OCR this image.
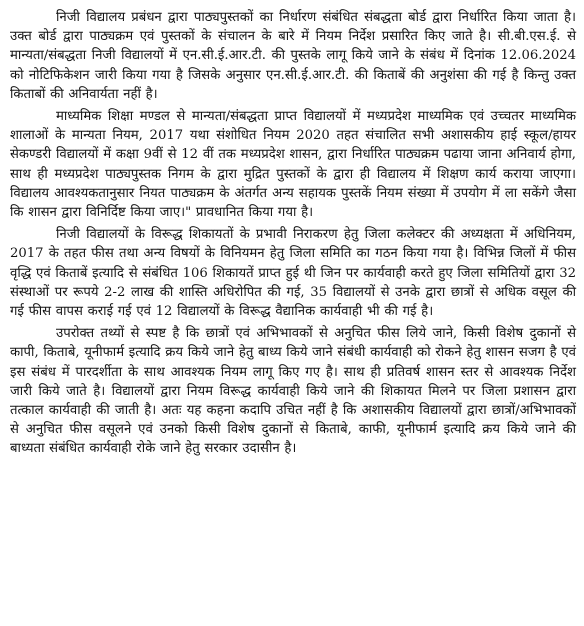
निजी विद्यालय प्रबंधन द्वारा पाठ्यपुस्तकों का निर्धारण संबंधित संबद्धता बोर्ड द्वारा निर्धारित किया जाता है। उक्त बोर्ड द्वारा पाठ्यक्रम एवं पुस्तकों के संचालन के बारे में नियम निर्देश प्रसारित किए जाते है। सी.बी.एस.ई. से मान्यता/संबद्धता निजी विद्यालयों में एन.सी.ई.आर.टी. की पुस्तके लागू किये जाने के संबंध में दिनांक 12.06.2024 को नोटिफिकेशन जारी किया गया है जिसके अनुसार एन.सी.ई.आर.टी. की किताबें की अनुशंसा की गई है किन्तु उक्त किताबों की अनिवार्यता नहीं है।

माध्यमिक शिक्षा मण्डल से मान्यता/संबद्धता प्राप्त विद्यालयों में मध्यप्रदेश माध्यमिक एवं उच्चतर माध्यमिक शालाओं के मान्यता नियम, 2017 यथा संशोधित नियम 2020 तहत संचालित सभी अशासकीय हाई स्कूल/हायर सेकण्डरी विद्यालयों में कक्षा 9वीं से 12 वीं तक मध्यप्रदेश शासन, द्वारा निर्धारित पाठ्यक्रम पढाया जाना अनिवार्य होगा, साथ ही मध्यप्रदेश पाठ्यपुस्तक निगम के द्वारा मुद्रित पुस्तकों के द्वारा ही विद्यालय में शिक्षण कार्य कराया जाएगा। विद्यालय आवश्यकतानुसार नियत पाठ्यक्रम के अंतर्गत अन्य सहायक पुस्तकें नियम संख्या में उपयोग में ला सकेंगे जैसा कि शासन द्वारा विनिर्दिष्ट किया जाए।" प्रावधानित किया गया है।

निजी विद्यालयों के विरूद्ध शिकायतों के प्रभावी निराकरण हेतु जिला कलेक्टर की अध्यक्षता में अधिनियम, 2017 के तहत फीस तथा अन्य विषयों के विनियमन हेतु जिला समिति का गठन किया गया है। विभिन्न जिलों में फीस वृद्धि एवं किताबें इत्यादि से संबंधित 106 शिकायतें प्राप्त हुई थी जिन पर कार्यवाही करते हुए जिला समितियों द्वारा 32 संस्थाओं पर रूपये 2-2 लाख की शास्ति अधिरोपित की गई, 35 विद्यालयों से उनके द्वारा छात्रों से अधिक वसूल की गई फीस वापस कराई गई एवं 12 विद्यालयों के विरूद्ध वैद्यानिक कार्यवाही भी की गई है।

उपरोक्त तथ्यों से स्पष्ट है कि छात्रों एवं अभिभावकों से अनुचित फीस लिये जाने, किसी विशेष दुकानों से कापी, किताबे, यूनीफार्म इत्यादि क्रय किये जाने हेतु बाध्य किये जाने संबंधी कार्यवाही को रोकने हेतु शासन सजग है एवं इस संबंध में पारदर्शीता के साथ आवश्यक नियम लागू किए गए है। साथ ही प्रतिवर्ष शासन स्तर से आवश्यक निर्देश जारी किये जाते है। विद्यालयों द्वारा नियम विरूद्ध कार्यवाही किये जाने की शिकायत मिलने पर जिला प्रशासन द्वारा तत्काल कार्यवाही की जाती है। अतः यह कहना कदापि उचित नहीं है कि अशासकीय विद्यालयों द्वारा छात्रों/अभिभावकों से अनुचित फीस वसूलने एवं उनको किसी विशेष दुकानों से किताबे, काफी, यूनीफार्म इत्यादि क्रय किये जाने की बाध्यता संबंधित कार्यवाही रोके जाने हेतु सरकार उदासीन है।
